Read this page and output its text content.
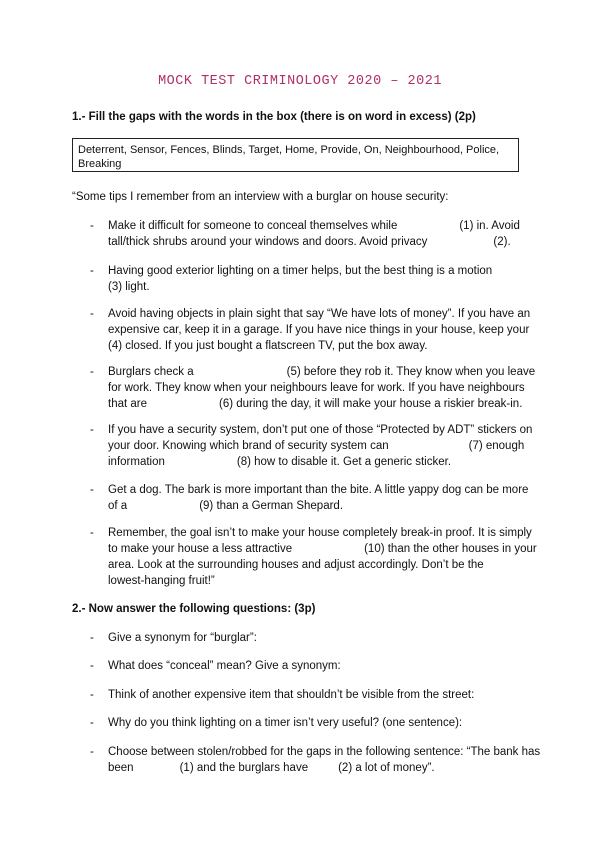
MOCK TEST CRIMINOLOGY 2020 – 2021
1.- Fill the gaps with the words in the box (there is on word in excess) (2p)
Deterrent, Sensor, Fences, Blinds, Target, Home, Provide, On, Neighbourhood, Police, Breaking
“Some tips I remember from an interview with a burglar on house security:
- Make it difficult for someone to conceal themselves while	(1) in. Avoid
tall/thick shrubs around your windows and doors. Avoid privacy	(2).
- Having good exterior lighting on a timer helps, but the best thing is a motion
(3) light.
- Avoid having objects in plain sight that say “We have lots of money”. If you have an
expensive car, keep it in a garage. If you have nice things in your house, keep your
(4) closed. If you just bought a flatscreen TV, put the box away.
- Burglars check a	(5) before they rob it. They know when you leave
for work. They know when your neighbours leave for work. If you have neighbours
that are	(6) during the day, it will make your house a riskier break-in.
- If you have a security system, don’t put one of those “Protected by ADT” stickers on
your door. Knowing which brand of security system can	(7) enough
information	(8) how to disable it. Get a generic sticker.
- Get a dog. The bark is more important than the bite. A little yappy dog can be more
of a	(9) than a German Shepard.
- Remember, the goal isn’t to make your house completely break-in proof. It is simply
to make your house a less attractive	(10) than the other houses in your
area. Look at the surrounding houses and adjust accordingly. Don’t be the
lowest-hanging fruit!”
2.- Now answer the following questions: (3p)
- Give a synonym for “burglar”:
- What does “conceal” mean? Give a synonym:
- Think of another expensive item that shouldn’t be visible from the street:
- Why do you think lighting on a timer isn’t very useful? (one sentence):
- Choose between stolen/robbed for the gaps in the following sentence: “The bank has
been	(1) and the burglars have	(2) a lot of money”.
